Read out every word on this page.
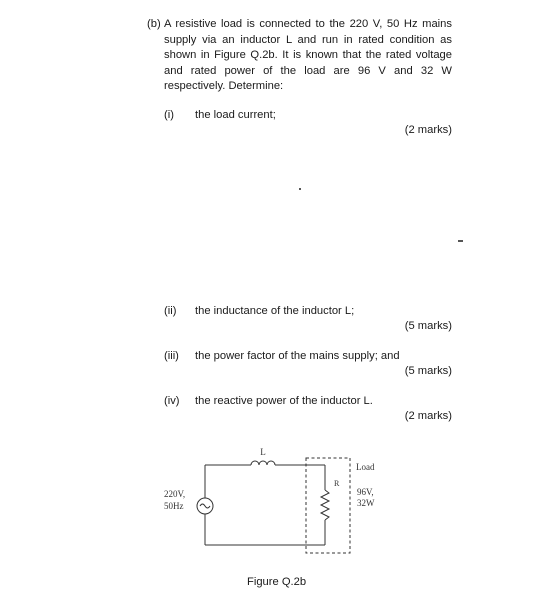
(b) A resistive load is connected to the 220 V, 50 Hz mains supply via an inductor L and run in rated condition as shown in Figure Q.2b. It is known that the rated voltage and rated power of the load are 96 V and 32 W respectively. Determine:
(i) the load current;
(2 marks)
(ii) the inductance of the inductor L;
(5 marks)
(iii) the power factor of the mains supply; and
(5 marks)
(iv) the reactive power of the inductor L.
(2 marks)
L
Load
R
96V,
32W
220V,
50Hz
Figure Q.2b
